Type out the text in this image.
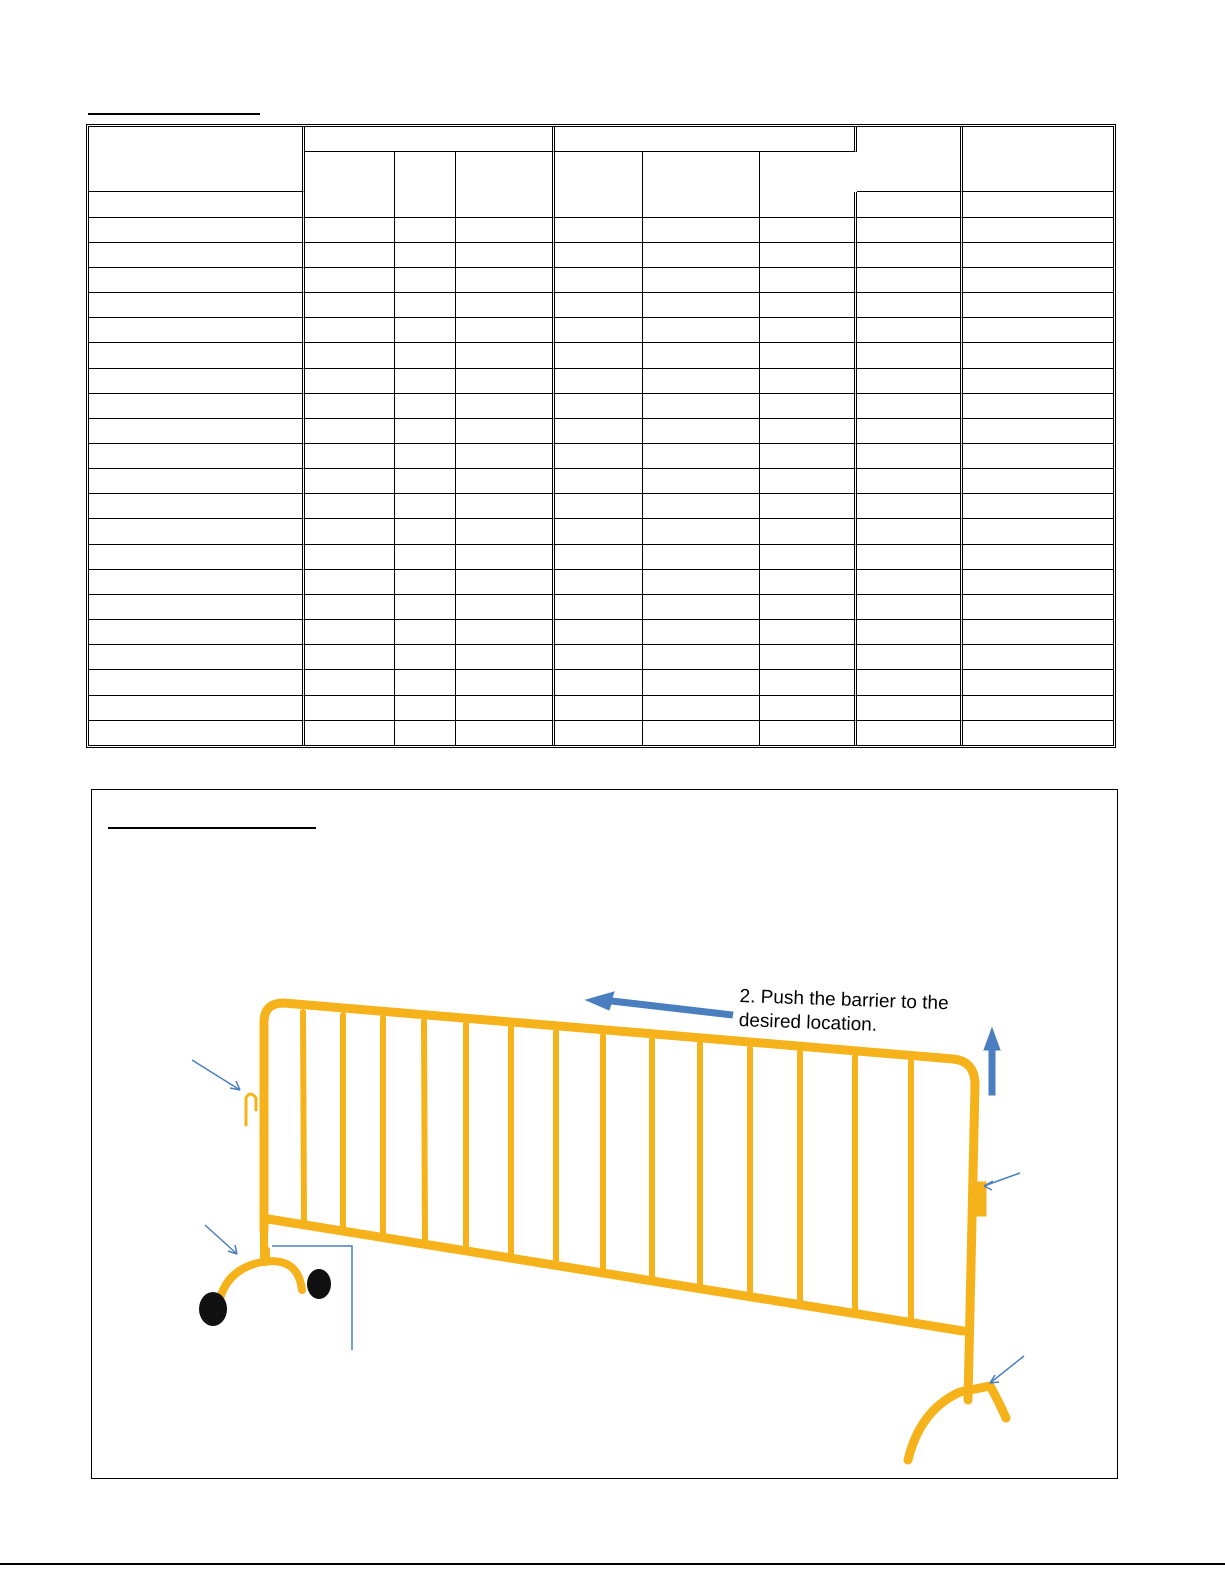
2. Push the barrier to the desired location.
